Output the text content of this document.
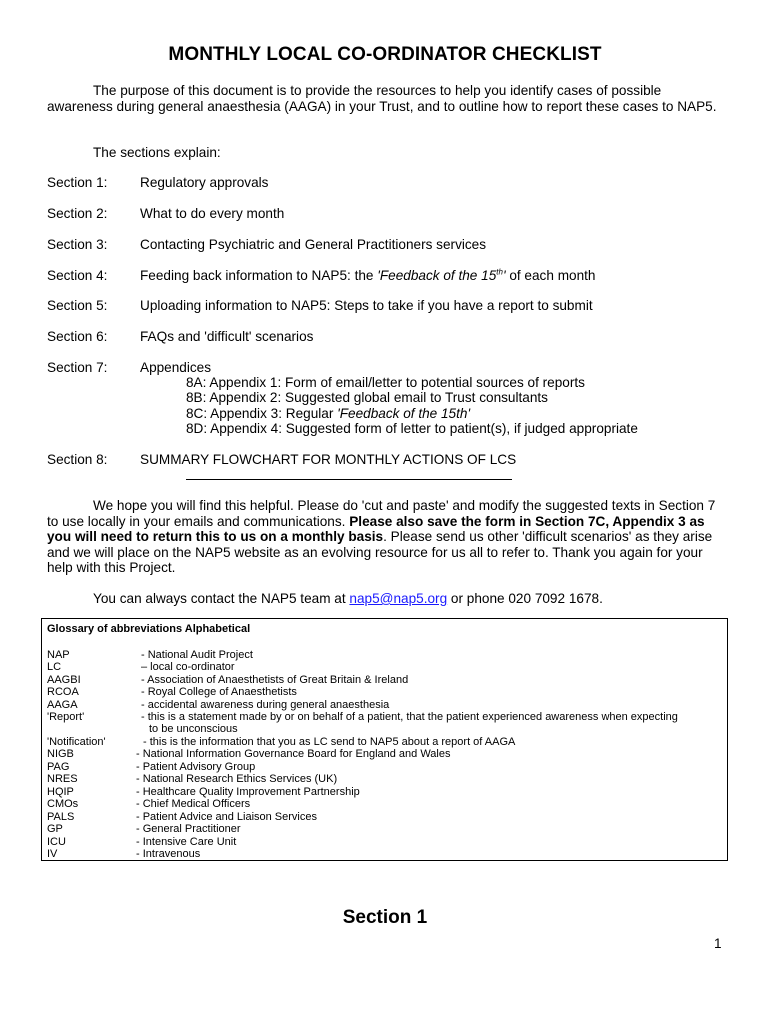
MONTHLY LOCAL CO-ORDINATOR CHECKLIST
The purpose of this document is to provide the resources to help you identify cases of possible awareness during general anaesthesia (AAGA) in your Trust, and to outline how to report these cases to NAP5.
The sections explain:
Section 1: Regulatory approvals
Section 2: What to do every month
Section 3: Contacting Psychiatric and General Practitioners services
Section 4: Feeding back information to NAP5: the 'Feedback of the 15th' of each month
Section 5: Uploading information to NAP5: Steps to take if you have a report to submit
Section 6: FAQs and 'difficult' scenarios
Section 7: Appendices
8A: Appendix 1: Form of email/letter to potential sources of reports
8B: Appendix 2: Suggested global email to Trust consultants
8C: Appendix 3: Regular 'Feedback of the 15th'
8D: Appendix 4: Suggested form of letter to patient(s), if judged appropriate
Section 8: SUMMARY FLOWCHART FOR MONTHLY ACTIONS OF LCS
We hope you will find this helpful. Please do 'cut and paste' and modify the suggested texts in Section 7 to use locally in your emails and communications. Please also save the form in Section 7C, Appendix 3 as you will need to return this to us on a monthly basis. Please send us other 'difficult scenarios' as they arise and we will place on the NAP5 website as an evolving resource for us all to refer to. Thank you again for your help with this Project.
You can always contact the NAP5 team at nap5@nap5.org or phone 020 7092 1678.
Glossary of abbreviations Alphabetical
NAP	- National Audit Project
LC	– local co-ordinator
AAGBI	- Association of Anaesthetists of Great Britain & Ireland
RCOA	- Royal College of Anaesthetists
AAGA	- accidental awareness during general anaesthesia
'Report'	- this is a statement made by or on behalf of a patient, that the patient experienced awareness when expecting
to be unconscious
'Notification'	- this is the information that you as LC send to NAP5 about a report of AAGA
NIGB	- National Information Governance Board for England and Wales
PAG	- Patient Advisory Group
NRES	- National Research Ethics Services (UK)
HQIP	- Healthcare Quality Improvement Partnership
CMOs	- Chief Medical Officers
PALS	- Patient Advice and Liaison Services
GP	- General Practitioner
ICU	- Intensive Care Unit
IV	- Intravenous
Section 1
1
